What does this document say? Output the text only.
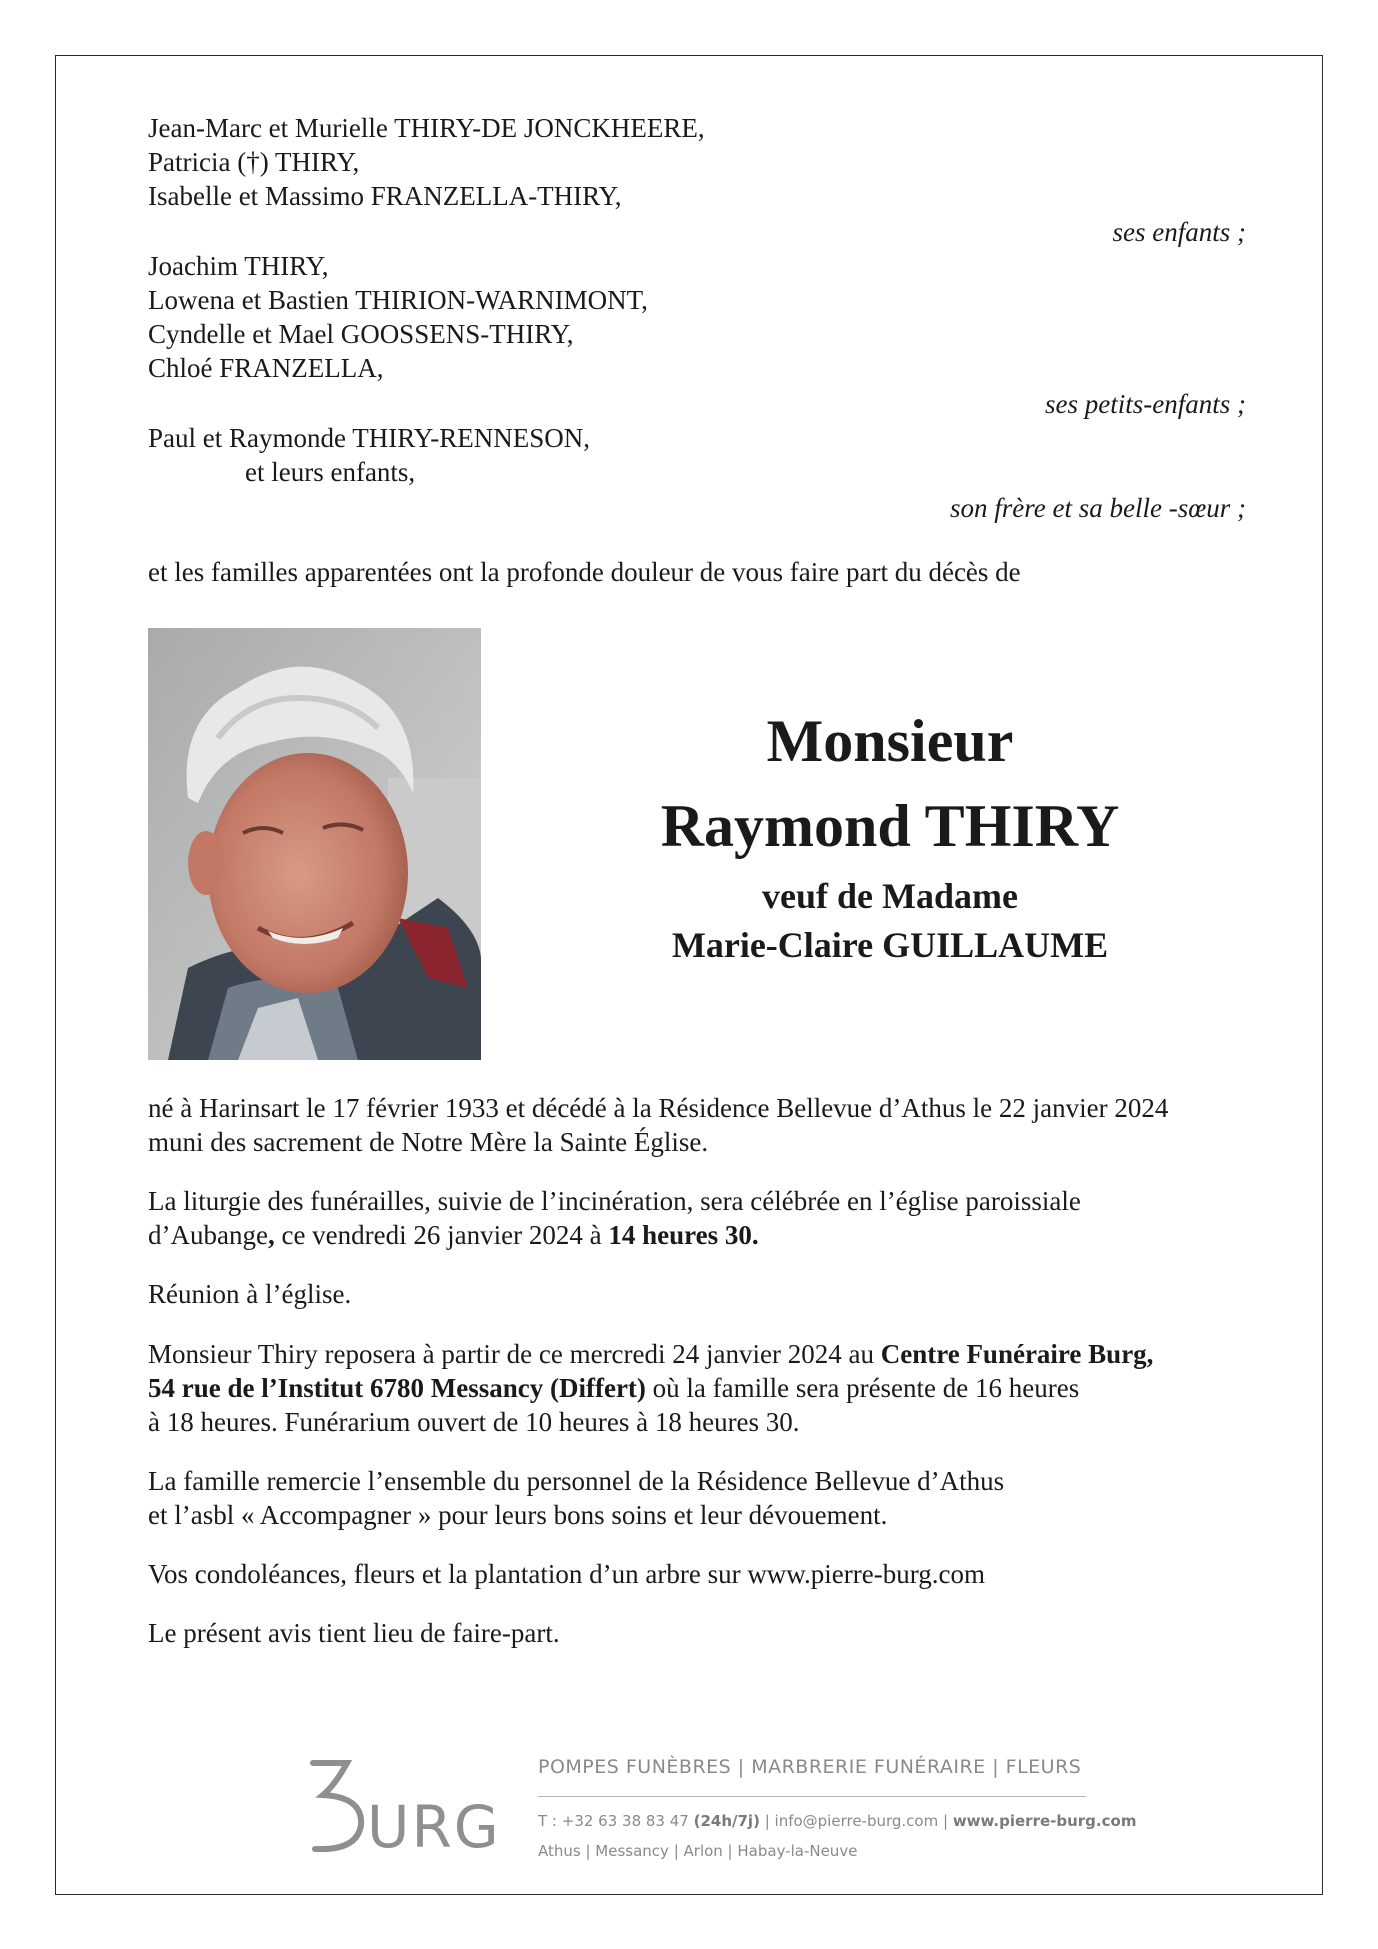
Jean-Marc et Murielle THIRY-DE JONCKHEERE,
Patricia (†) THIRY,
Isabelle et Massimo FRANZELLA-THIRY,
ses enfants ;
Joachim THIRY,
Lowena et Bastien THIRION-WARNIMONT,
Cyndelle et Mael GOOSSENS-THIRY,
Chloé FRANZELLA,
ses petits-enfants ;
Paul et Raymonde THIRY-RENNESON,
et leurs enfants,
son frère et sa belle -sœur ;
et les familles apparentées ont la profonde douleur de vous faire part du décès de
Monsieur
Raymond THIRY
veuf de Madame
Marie-Claire GUILLAUME
né à Harinsart le 17 février 1933 et décédé à la Résidence Bellevue d’Athus le 22 janvier 2024
muni des sacrement de Notre Mère la Sainte Église.
La liturgie des funérailles, suivie de l’incinération, sera célébrée en l’église paroissiale
d’Aubange, ce vendredi 26 janvier 2024 à 14 heures 30.
Réunion à l’église.
Monsieur Thiry reposera à partir de ce mercredi 24 janvier 2024 au Centre Funéraire Burg,
54 rue de l’Institut 6780 Messancy (Differt) où la famille sera présente de 16 heures
à 18 heures. Funérarium ouvert de 10 heures à 18 heures 30.
La famille remercie l’ensemble du personnel de la Résidence Bellevue d’Athus
et l’asbl « Accompagner » pour leurs bons soins et leur dévouement.
Vos condoléances, fleurs et la plantation d’un arbre sur www.pierre-burg.com
Le présent avis tient lieu de faire-part.
URG
POMPES FUNÈBRES | MARBRERIE FUNÉRAIRE | FLEURS
T : +32 63 38 83 47 (24h/7j) | info@pierre-burg.com | www.pierre-burg.com
Athus | Messancy | Arlon | Habay-la-Neuve
